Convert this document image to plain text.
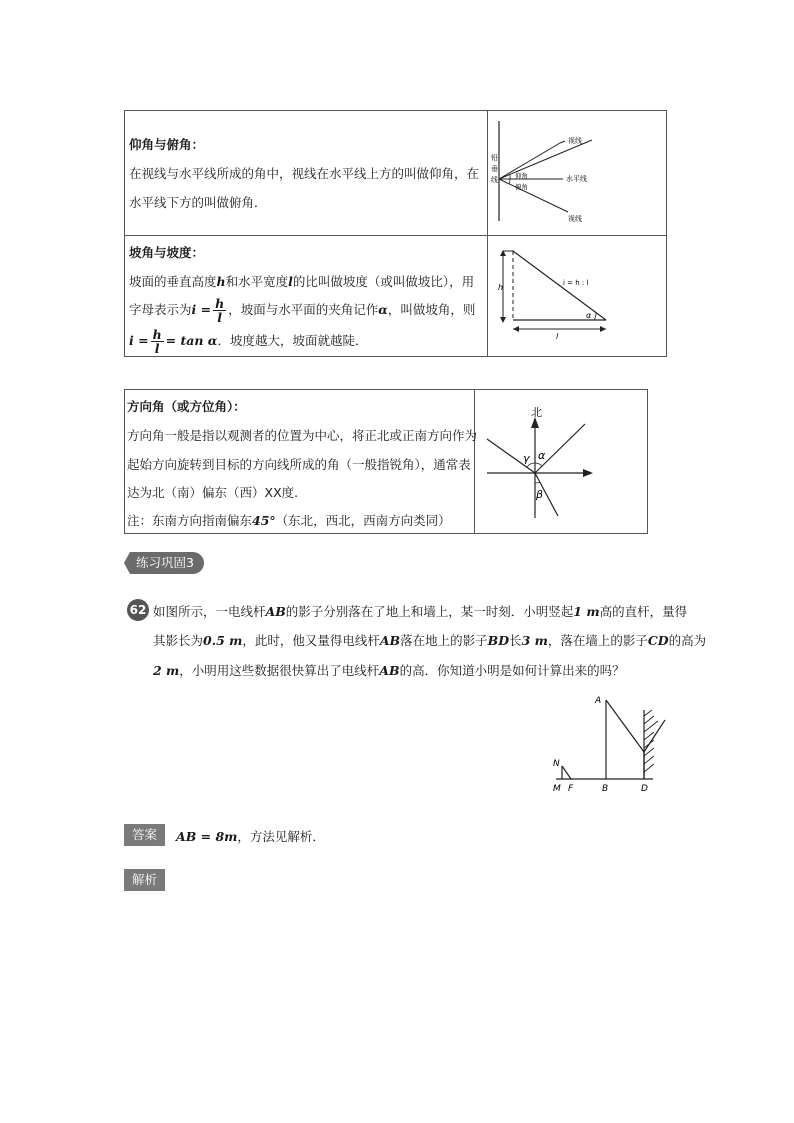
仰角与俯角：
在视线与水平线所成的角中，视线在水平线上方的叫做仰角，在
水平线下方的叫做俯角．
视线
铅
垂
线	仰角	水平线
俯角
视线
坡角与坡度：
坡面的垂直高度h和水平宽度l的比叫做坡度（或叫做坡比），用
字母表示为$i = \frac{h}{l}$ ，坡面与水平面的夹角记作α，叫做坡角，则
$i = \frac{h}{l} = \tan \alpha$．坡度越大，坡面就越陡．
h	i = h : l
α
l
方向角（或方位角）：
方向角一般是指以观测者的位置为中心，将正北或正南方向作为
起始方向旋转到目标的方向线所成的角（一般指锐角），通常表
达为北（南）偏东（西）XX度.
注：东南方向指南偏东45°（东北，西北，西南方向类同）
北
γ α
β
练习巩固3
62 如图所示，一电线杆AB的影子分别落在了地上和墙上，某一时刻．小明竖起1 m高的直杆，量得
其影长为0.5 m，此时，他又量得电线杆AB落在地上的影子BD长3 m，落在墙上的影子CD的高为
2 m，小明用这些数据很快算出了电线杆AB的高．你知道小明是如何计算出来的吗？
A
N
M F	B	D
答案	AB = 8m，方法见解析．
解析
